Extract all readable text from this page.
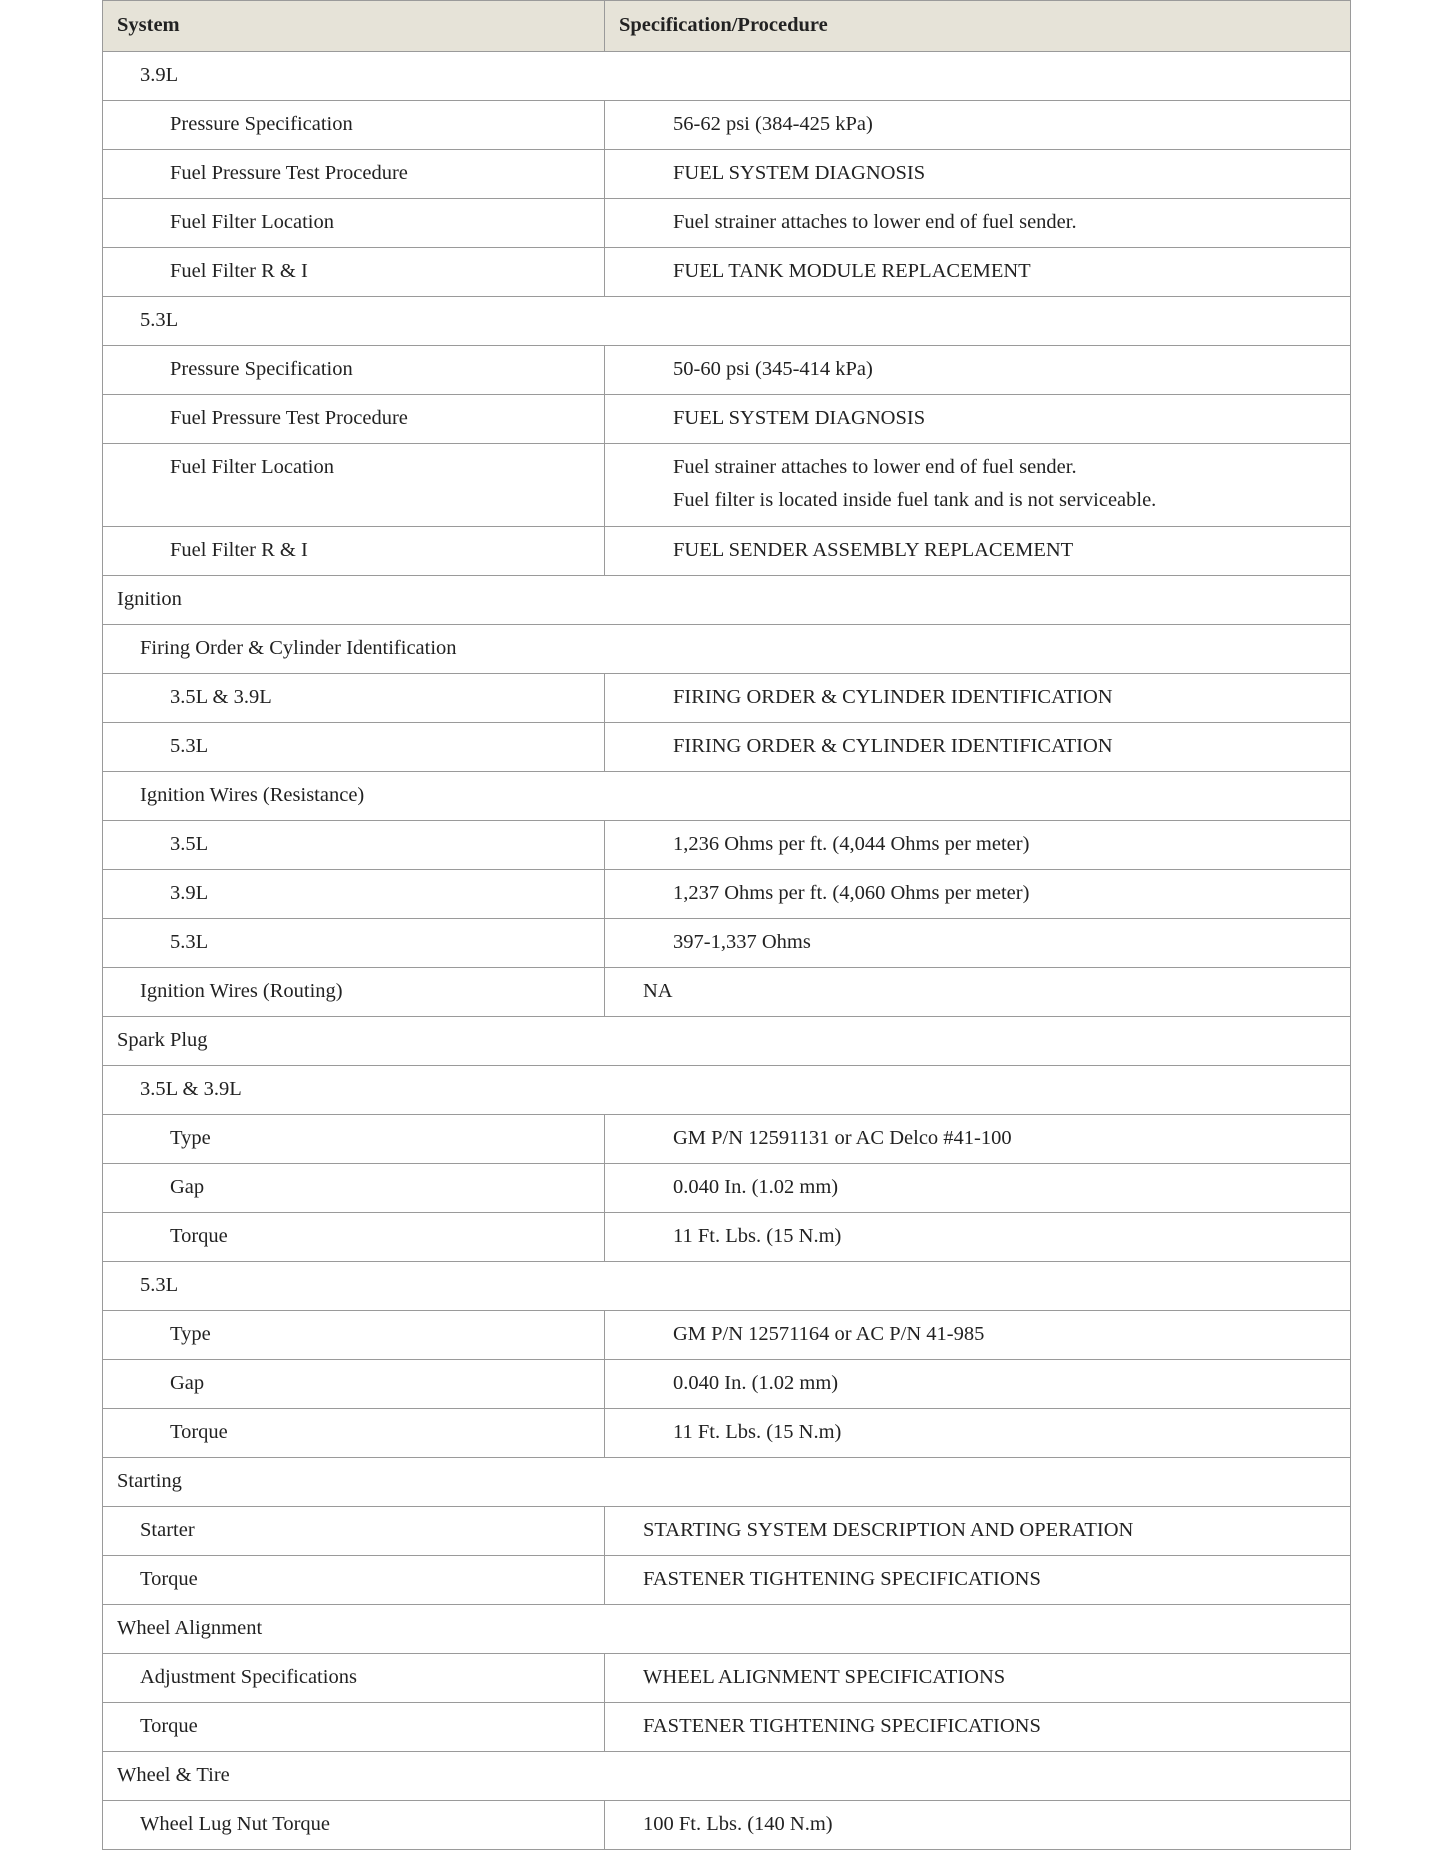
System	Specification/Procedure
3.9L	
Pressure Specification	56-62 psi (384-425 kPa)

Fuel Pressure Test Procedure	FUEL SYSTEM DIAGNOSIS

Fuel Filter Location	Fuel strainer attaches to lower end of fuel sender.

Fuel Filter R & I	FUEL TANK MODULE REPLACEMENT

5.3L	
Pressure Specification	50-60 psi (345-414 kPa)

Fuel Pressure Test Procedure	FUEL SYSTEM DIAGNOSIS

Fuel Filter Location	Fuel strainer attaches to lower end of fuel sender.
Fuel filter is located inside fuel tank and is not serviceable.

Fuel Filter R & I	FUEL SENDER ASSEMBLY REPLACEMENT

Ignition	
Firing Order & Cylinder Identification	
3.5L & 3.9L	FIRING ORDER & CYLINDER IDENTIFICATION

5.3L	FIRING ORDER & CYLINDER IDENTIFICATION

Ignition Wires (Resistance)	
3.5L	1,236 Ohms per ft. (4,044 Ohms per meter)

3.9L	1,237 Ohms per ft. (4,060 Ohms per meter)

5.3L	397-1,337 Ohms

Ignition Wires (Routing)	NA

Spark Plug	
3.5L & 3.9L	
Type	GM P/N 12591131 or AC Delco #41-100

Gap	0.040 In. (1.02 mm)

Torque	11 Ft. Lbs. (15 N.m)

5.3L	
Type	GM P/N 12571164 or AC P/N 41-985

Gap	0.040 In. (1.02 mm)

Torque	11 Ft. Lbs. (15 N.m)

Starting	
Starter	STARTING SYSTEM DESCRIPTION AND OPERATION

Torque	FASTENER TIGHTENING SPECIFICATIONS

Wheel Alignment	
Adjustment Specifications	WHEEL ALIGNMENT SPECIFICATIONS

Torque	FASTENER TIGHTENING SPECIFICATIONS

Wheel & Tire	
Wheel Lug Nut Torque	100 Ft. Lbs. (140 N.m)
